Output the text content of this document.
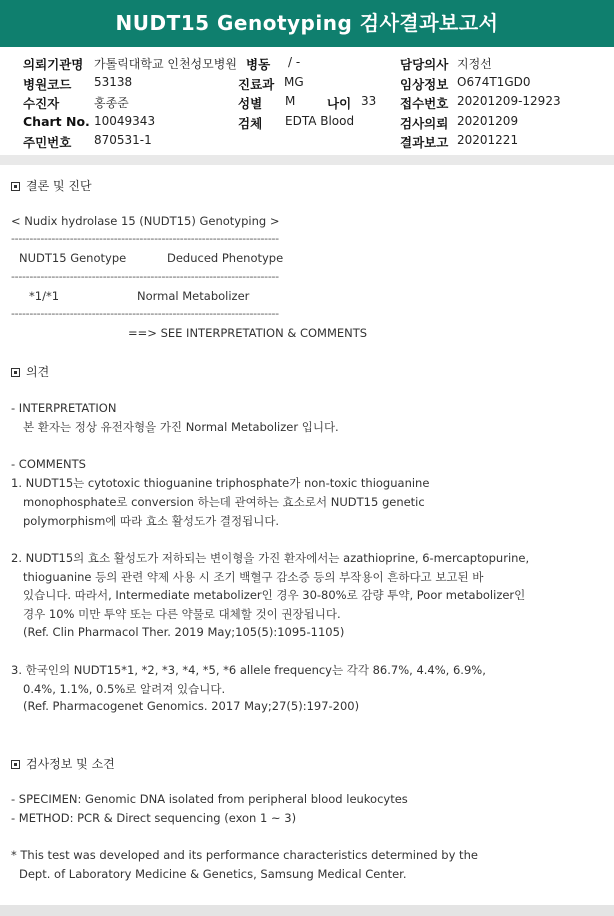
NUDT15 Genotyping 검사결과보고서
의뢰기관명 가톨릭대학교 인천성모병원 병동 / -	담당의사 지정선
병원코드 53138	진료과 MG	임상정보 O674T1GD0
수진자	홍종준	성별 M	나이 33 접수번호 20201209-12923
Chart No. 10049343	검체 EDTA Blood	검사의뢰 20201209
주민번호 870531-1	결과보고 20201221
결론 및 진단
< Nudix hydrolase 15 (NUDT15) Genotyping >
-------------------------------------------------------------------------
NUDT15 Genotype	Deduced Phenotype
-------------------------------------------------------------------------
*1/*1	Normal Metabolizer
-------------------------------------------------------------------------
==> SEE INTERPRETATION & COMMENTS
의견
- INTERPRETATION
본 환자는 정상 유전자형을 가진 Normal Metabolizer 입니다.
- COMMENTS
1. NUDT15는 cytotoxic thioguanine triphosphate가 non-toxic thioguanine
monophosphate로 conversion 하는데 관여하는 효소로서 NUDT15 genetic
polymorphism에 따라 효소 활성도가 결정됩니다.
2. NUDT15의 효소 활성도가 저하되는 변이형을 가진 환자에서는 azathioprine, 6-mercaptopurine,
thioguanine 등의 관련 약제 사용 시 조기 백혈구 감소증 등의 부작용이 흔하다고 보고된 바
있습니다. 따라서, Intermediate metabolizer인 경우 30-80%로 감량 투약, Poor metabolizer인
경우 10% 미만 투약 또는 다른 약물로 대체할 것이 권장됩니다.
(Ref. Clin Pharmacol Ther. 2019 May;105(5):1095-1105)
3. 한국인의 NUDT15*1, *2, *3, *4, *5, *6 allele frequency는 각각 86.7%, 4.4%, 6.9%,
0.4%, 1.1%, 0.5%로 알려져 있습니다.
(Ref. Pharmacogenet Genomics. 2017 May;27(5):197-200)
검사정보 및 소견
- SPECIMEN: Genomic DNA isolated from peripheral blood leukocytes
- METHOD: PCR & Direct sequencing (exon 1 ~ 3)
* This test was developed and its performance characteristics determined by the
Dept. of Laboratory Medicine & Genetics, Samsung Medical Center.
